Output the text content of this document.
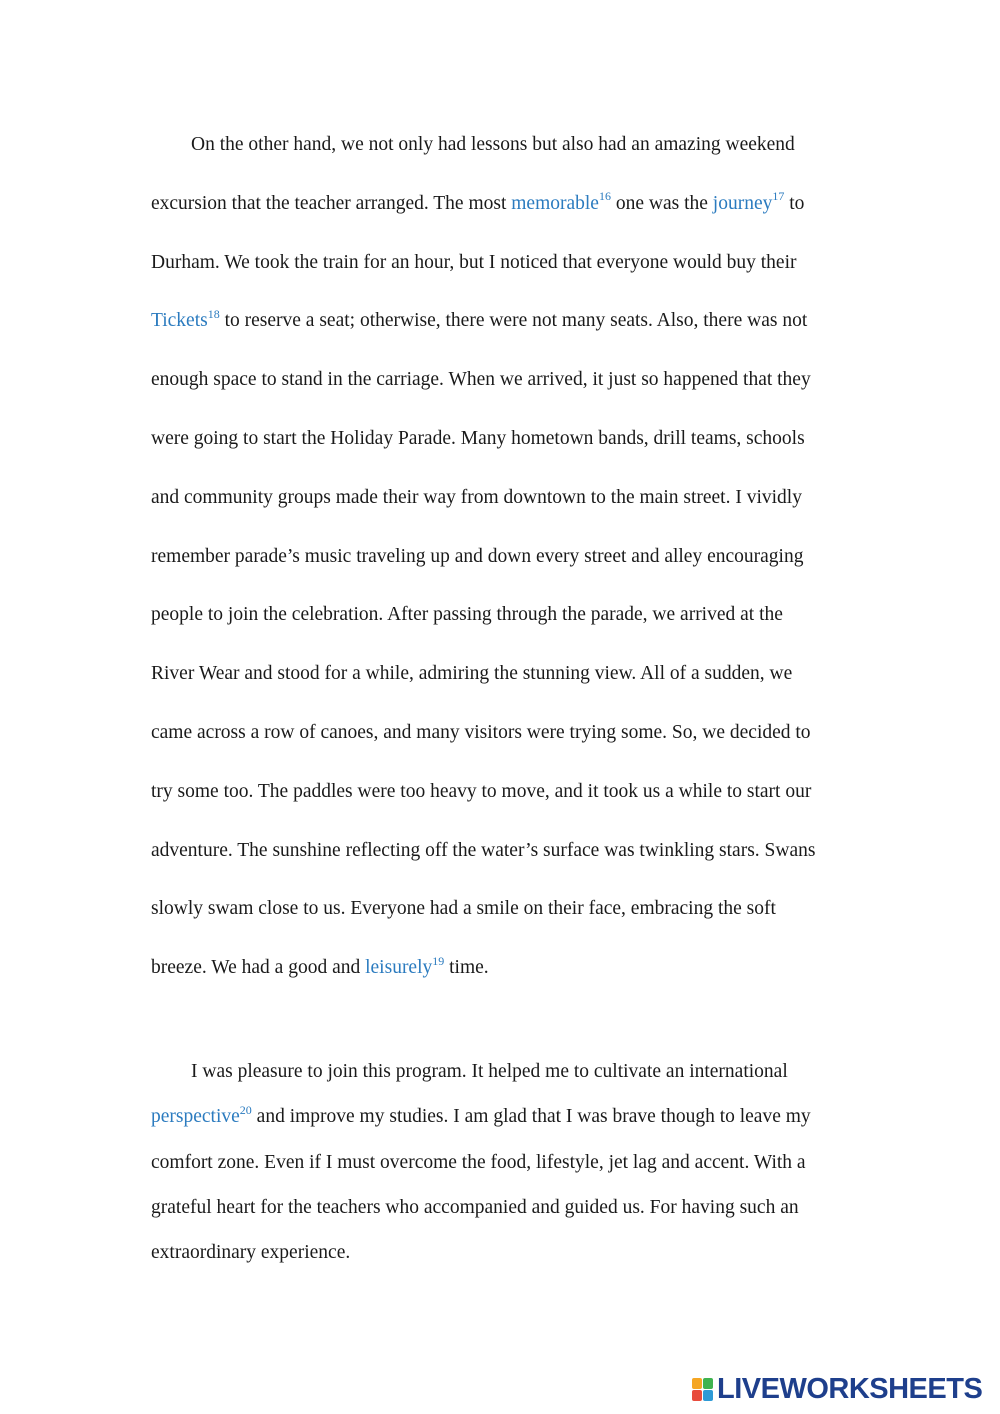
On the other hand, we not only had lessons but also had an amazing weekend
excursion that the teacher arranged. The most memorable$^{16}$ one was the journey$^{17}$ to
Durham. We took the train for an hour, but I noticed that everyone would buy their
Tickets$^{18}$ to reserve a seat; otherwise, there were not many seats. Also, there was not
enough space to stand in the carriage. When we arrived, it just so happened that they
were going to start the Holiday Parade. Many hometown bands, drill teams, schools
and community groups made their way from downtown to the main street. I vividly
remember parade’s music traveling up and down every street and alley encouraging
people to join the celebration. After passing through the parade, we arrived at the
River Wear and stood for a while, admiring the stunning view. All of a sudden, we
came across a row of canoes, and many visitors were trying some. So, we decided to
try some too. The paddles were too heavy to move, and it took us a while to start our
adventure. The sunshine reflecting off the water’s surface was twinkling stars. Swans
slowly swam close to us. Everyone had a smile on their face, embracing the soft
breeze. We had a good and leisurely$^{19}$ time.
I was pleasure to join this program. It helped me to cultivate an international
perspective$^{20}$ and improve my studies. I am glad that I was brave though to leave my
comfort zone. Even if I must overcome the food, lifestyle, jet lag and accent. With a
grateful heart for the teachers who accompanied and guided us. For having such an
extraordinary experience.
LIVEWORKSHEETS
